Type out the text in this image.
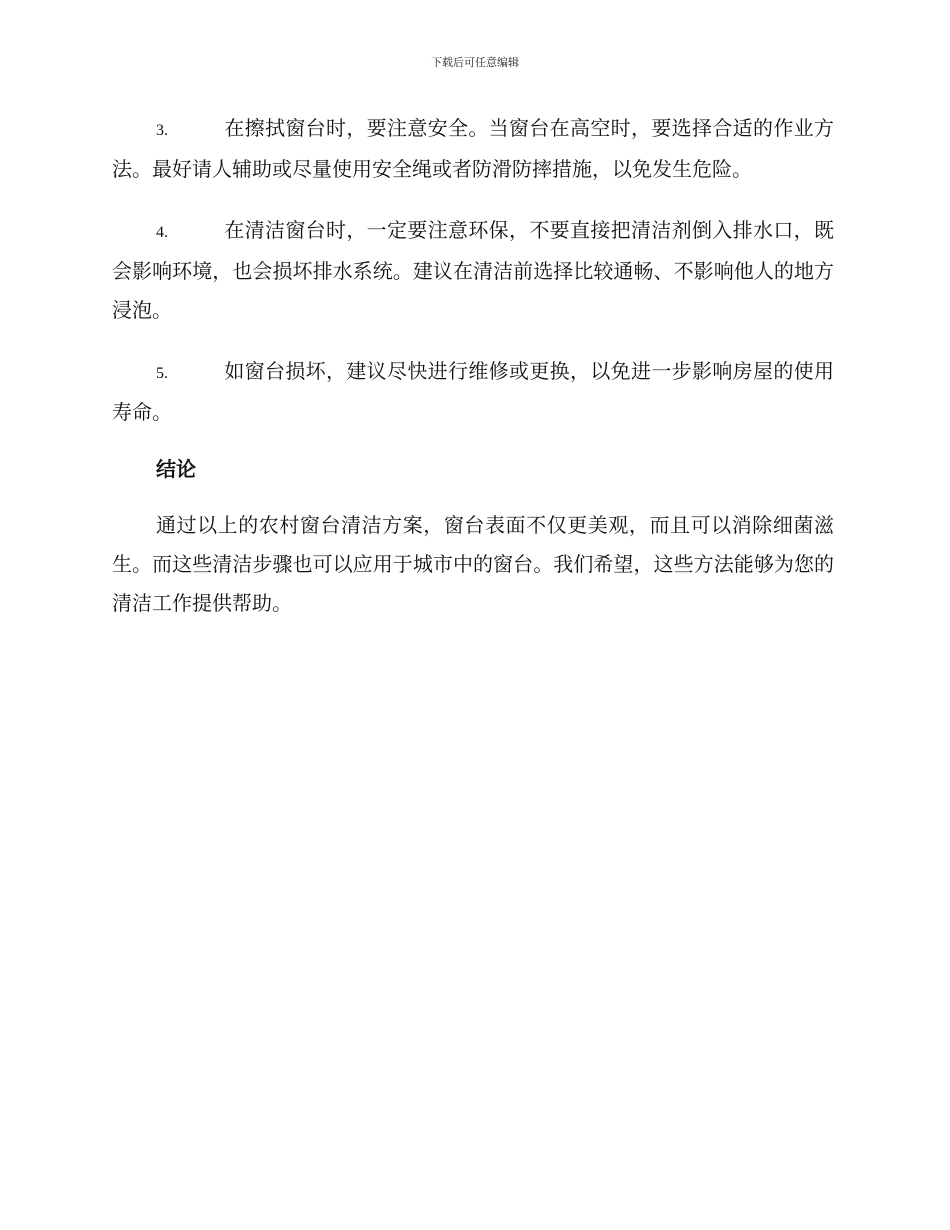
下载后可任意编辑

3.	在擦拭窗台时，要注意安全。当窗台在高空时，要选择合适的作业方法。最好请人辅助或尽量使用安全绳或者防滑防摔措施，以免发生危险。

4.	在清洁窗台时，一定要注意环保，不要直接把清洁剂倒入排水口，既会影响环境，也会损坏排水系统。建议在清洁前选择比较通畅、不影响他人的地方浸泡。

5.	如窗台损坏，建议尽快进行维修或更换，以免进一步影响房屋的使用寿命。

结论

通过以上的农村窗台清洁方案，窗台表面不仅更美观，而且可以消除细菌滋生。而这些清洁步骤也可以应用于城市中的窗台。我们希望，这些方法能够为您的清洁工作提供帮助。
